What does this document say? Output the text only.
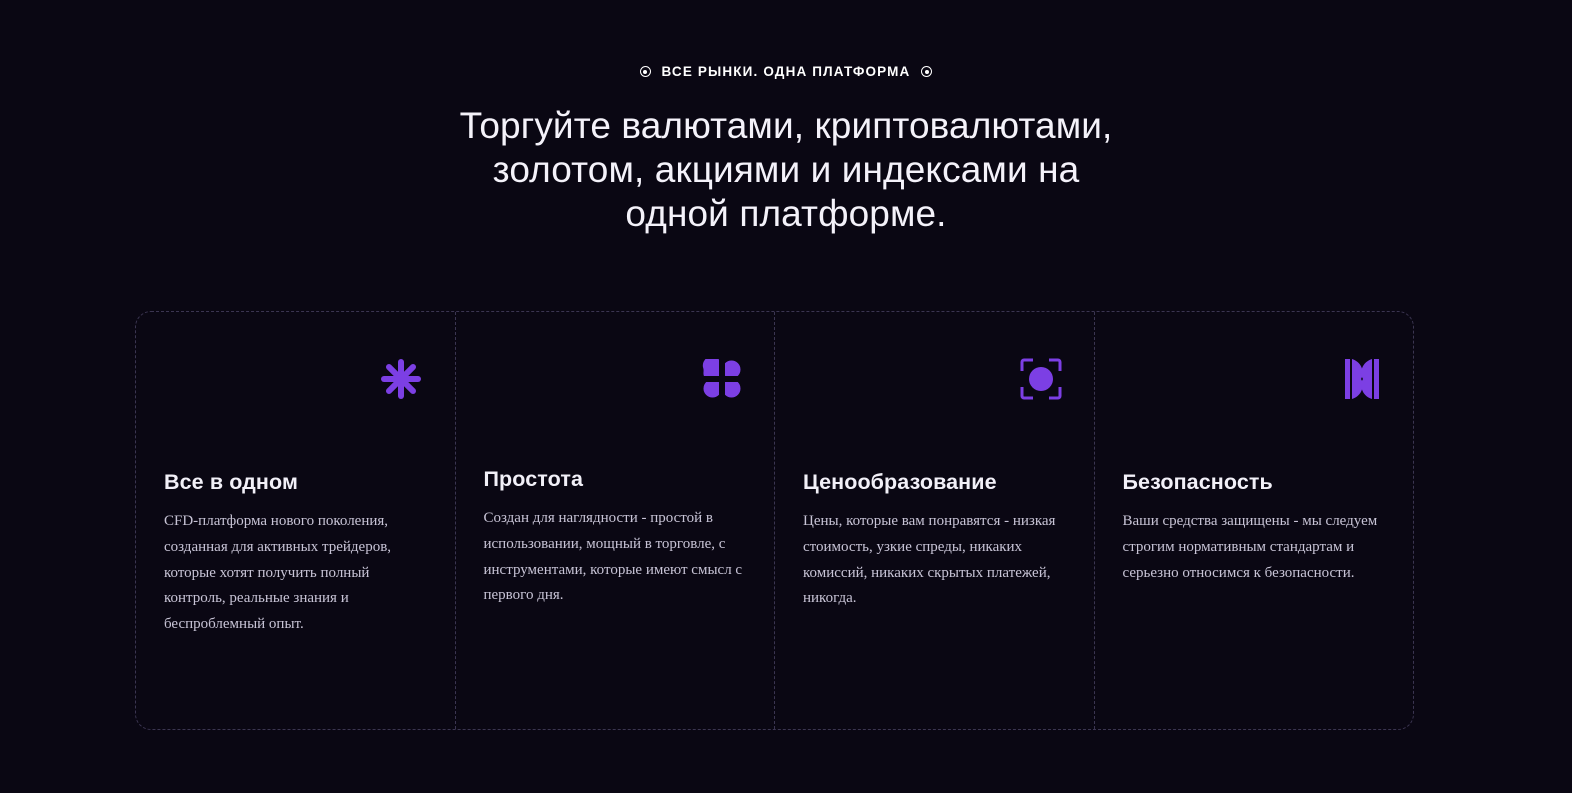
ВСЕ РЫНКИ. ОДНА ПЛАТФОРМА
Торгуйте валютами, криптовалютами, золотом, акциями и индексами на одной платформе.
Все в одном
CFD-платформа нового поколения, созданная для активных трейдеров, которые хотят получить полный контроль, реальные знания и беспроблемный опыт.
Простота
Создан для наглядности - простой в использовании, мощный в торговле, с инструментами, которые имеют смысл с первого дня.
Ценообразование
Цены, которые вам понравятся - низкая стоимость, узкие спреды, никаких комиссий, никаких скрытых платежей, никогда.
Безопасность
Ваши средства защищены - мы следуем строгим нормативным стандартам и серьезно относимся к безопасности.
